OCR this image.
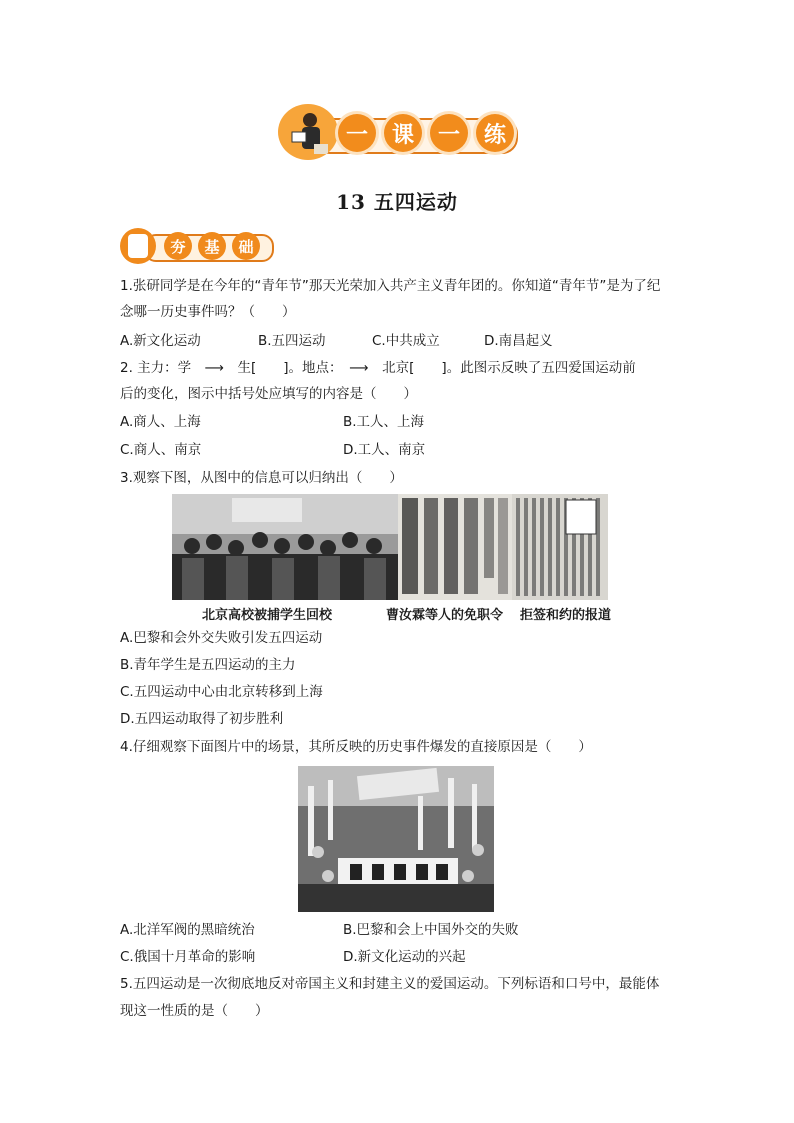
一	课	一	练
13 五四运动
夯	基	础
1.张研同学是在今年的“青年节”那天光荣加入共产主义青年团的。你知道“青年节”是为了纪
念哪一历史事件吗？（　　）
A.新文化运动	B.五四运动	C.中共成立	D.南昌起义
2. 主力：学　⟶　生[　　]。地点：　⟶　北京[　　]。此图示反映了五四爱国运动前
后的变化，图示中括号处应填写的内容是（　　）
A.商人、上海	B.工人、上海
C.商人、南京	D.工人、南京
3.观察下图，从图中的信息可以归纳出（　　）
北京高校被捕学生回校	曹汝霖等人的免职令 拒签和约的报道
A.巴黎和会外交失败引发五四运动
B.青年学生是五四运动的主力
C.五四运动中心由北京转移到上海
D.五四运动取得了初步胜利
4.仔细观察下面图片中的场景，其所反映的历史事件爆发的直接原因是（　　）
A.北洋军阀的黑暗统治	B.巴黎和会上中国外交的失败
C.俄国十月革命的影响	D.新文化运动的兴起
5.五四运动是一次彻底地反对帝国主义和封建主义的爱国运动。下列标语和口号中，最能体
现这一性质的是（　　）
